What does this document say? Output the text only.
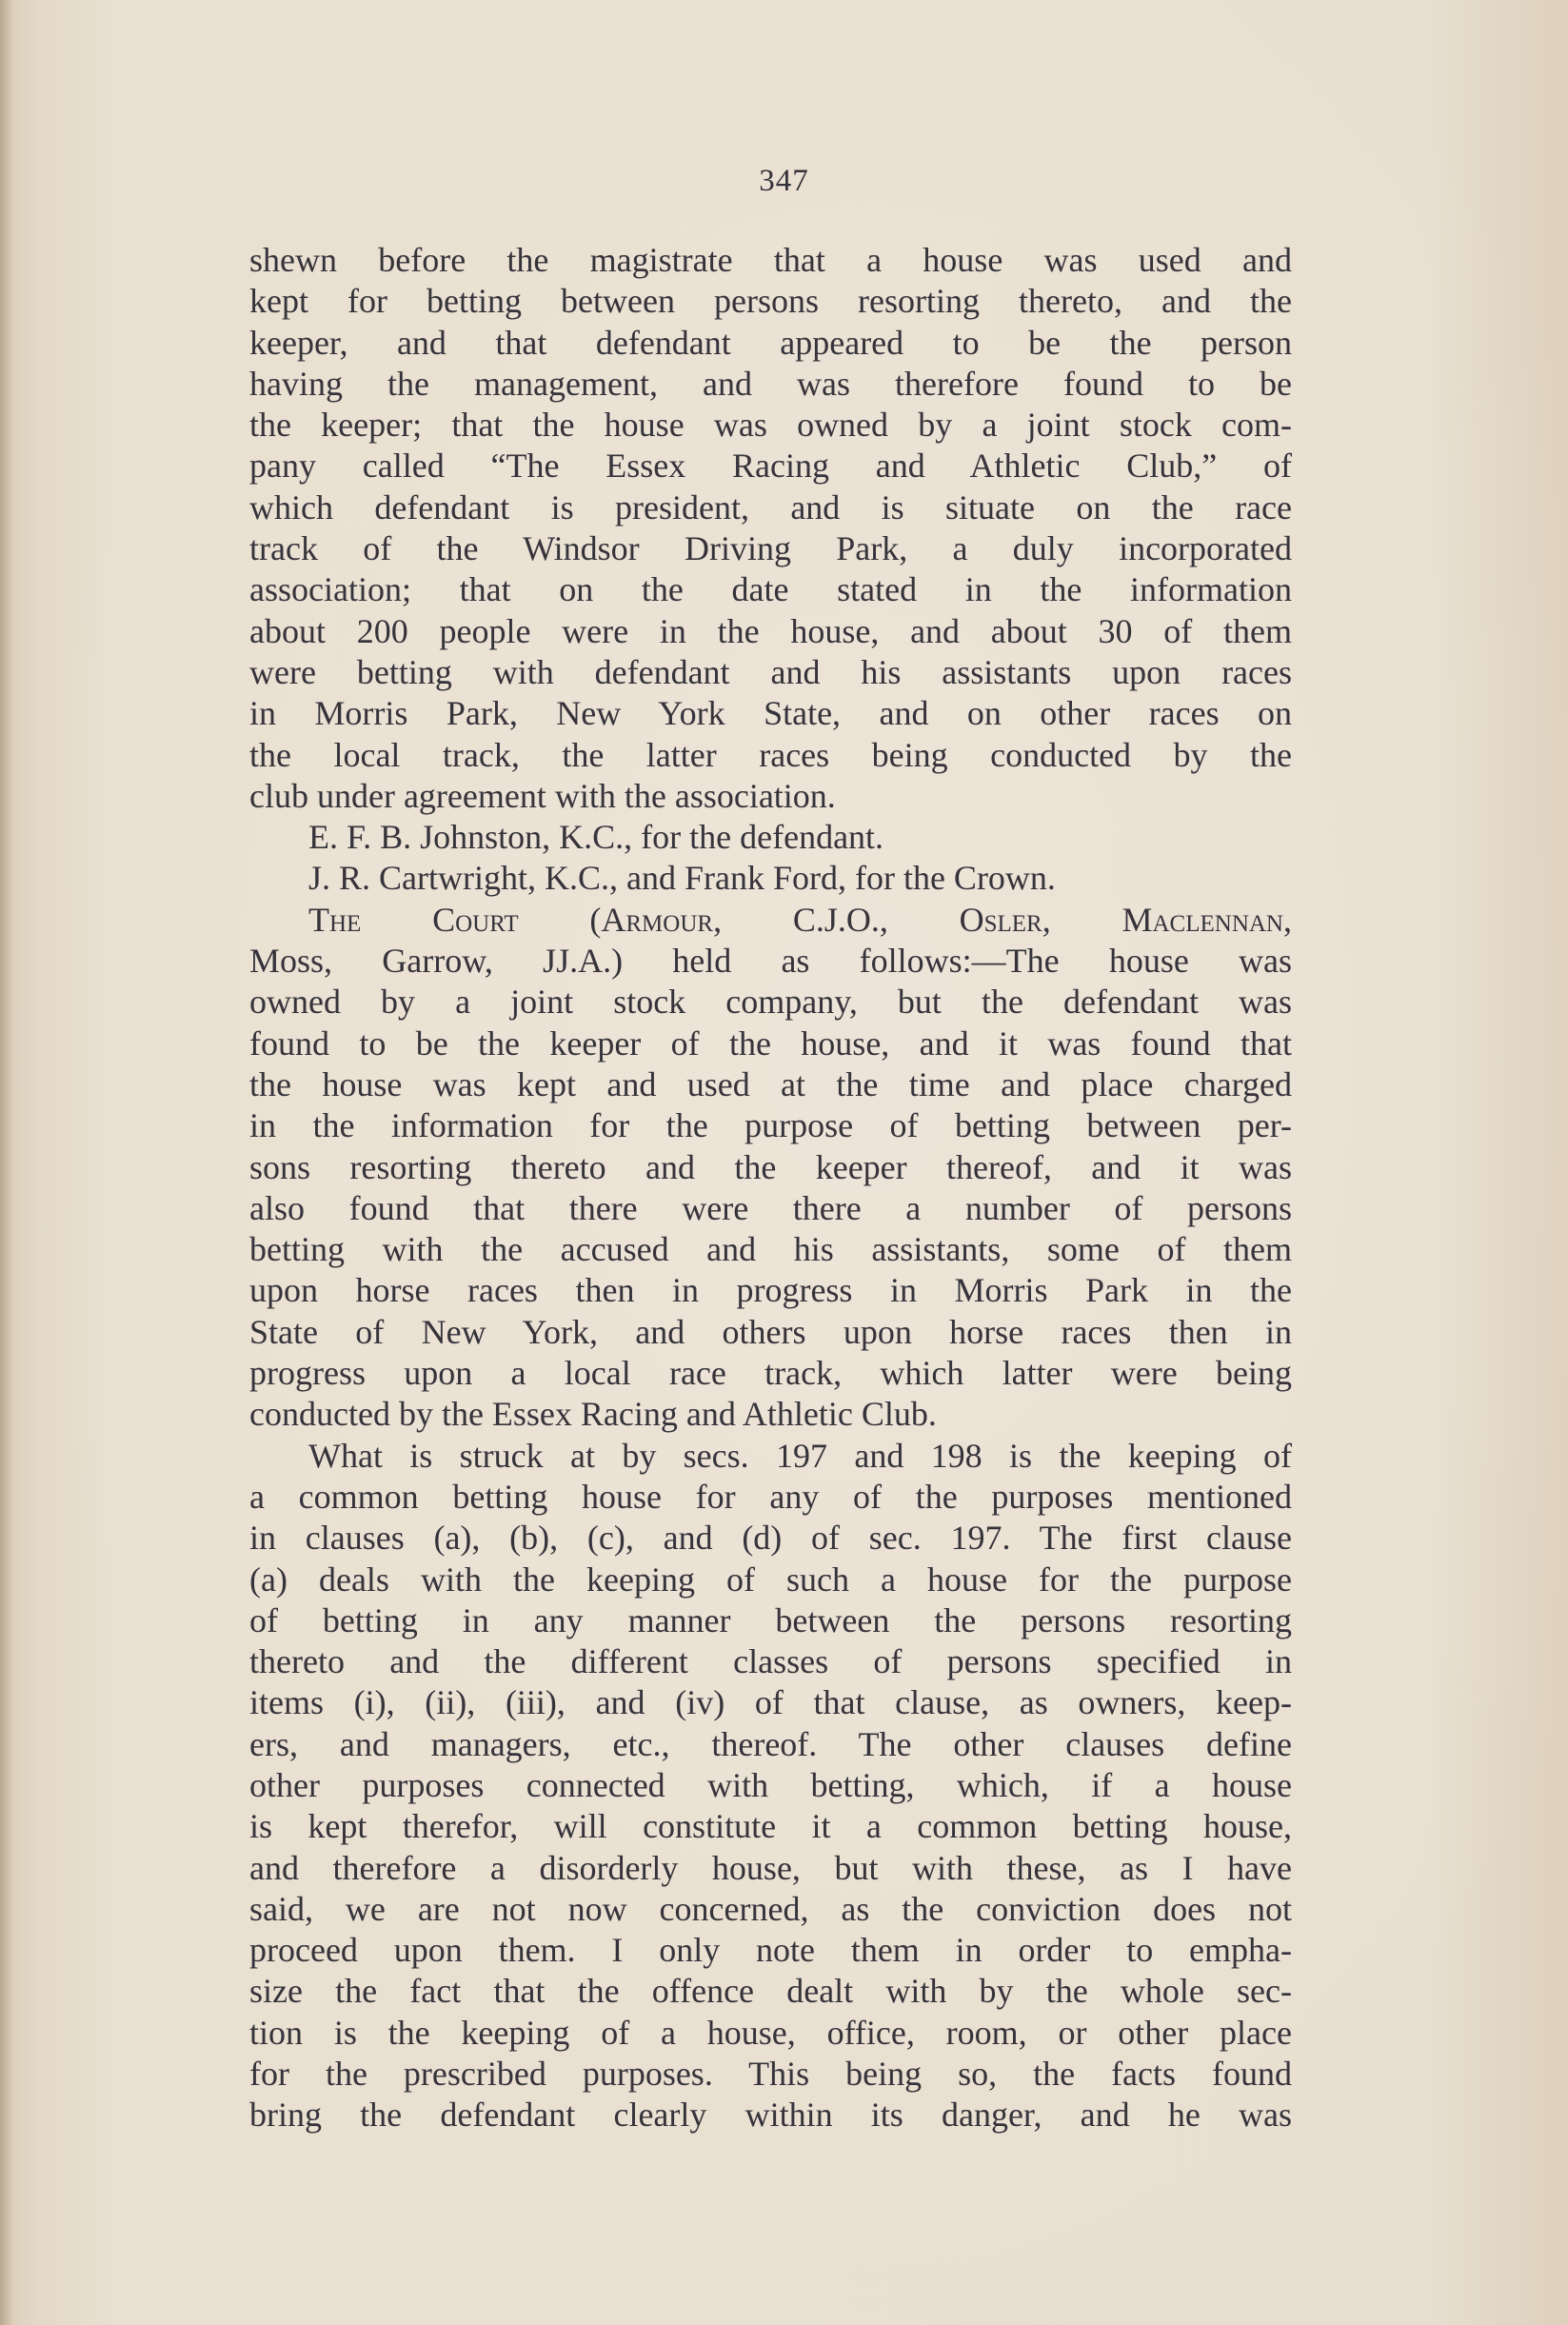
347

shewn before the magistrate that a house was used and

kept for betting between persons resorting thereto, and the

keeper, and that defendant appeared to be the person

having the management, and was therefore found to be

the keeper; that the house was owned by a joint stock com-

pany called “The Essex Racing and Athletic Club,” of

which defendant is president, and is situate on the race

track of the Windsor Driving Park, a duly incorporated

association; that on the date stated in the information

about 200 people were in the house, and about 30 of them

were betting with defendant and his assistants upon races

in Morris Park, New York State, and on other races on

the local track, the latter races being conducted by the

club under agreement with the association.

E. F. B. Johnston, K.C., for the defendant.

J. R. Cartwright, K.C., and Frank Ford, for the Crown.

The Court (Armour, C.J.O., Osler, Maclennan,

Moss, Garrow, JJ.A.) held as follows:—The house was

owned by a joint stock company, but the defendant was

found to be the keeper of the house, and it was found that

the house was kept and used at the time and place charged

in the information for the purpose of betting between per-

sons resorting thereto and the keeper thereof, and it was

also found that there were there a number of persons

betting with the accused and his assistants, some of them

upon horse races then in progress in Morris Park in the

State of New York, and others upon horse races then in

progress upon a local race track, which latter were being

conducted by the Essex Racing and Athletic Club.

What is struck at by secs. 197 and 198 is the keeping of

a common betting house for any of the purposes mentioned

in clauses (a), (b), (c), and (d) of sec. 197. The first clause

(a) deals with the keeping of such a house for the purpose

of betting in any manner between the persons resorting

thereto and the different classes of persons specified in

items (i), (ii), (iii), and (iv) of that clause, as owners, keep-

ers, and managers, etc., thereof. The other clauses define

other purposes connected with betting, which, if a house

is kept therefor, will constitute it a common betting house,

and therefore a disorderly house, but with these, as I have

said, we are not now concerned, as the conviction does not

proceed upon them. I only note them in order to empha-

size the fact that the offence dealt with by the whole sec-

tion is the keeping of a house, office, room, or other place

for the prescribed purposes. This being so, the facts found

bring the defendant clearly within its danger, and he was
